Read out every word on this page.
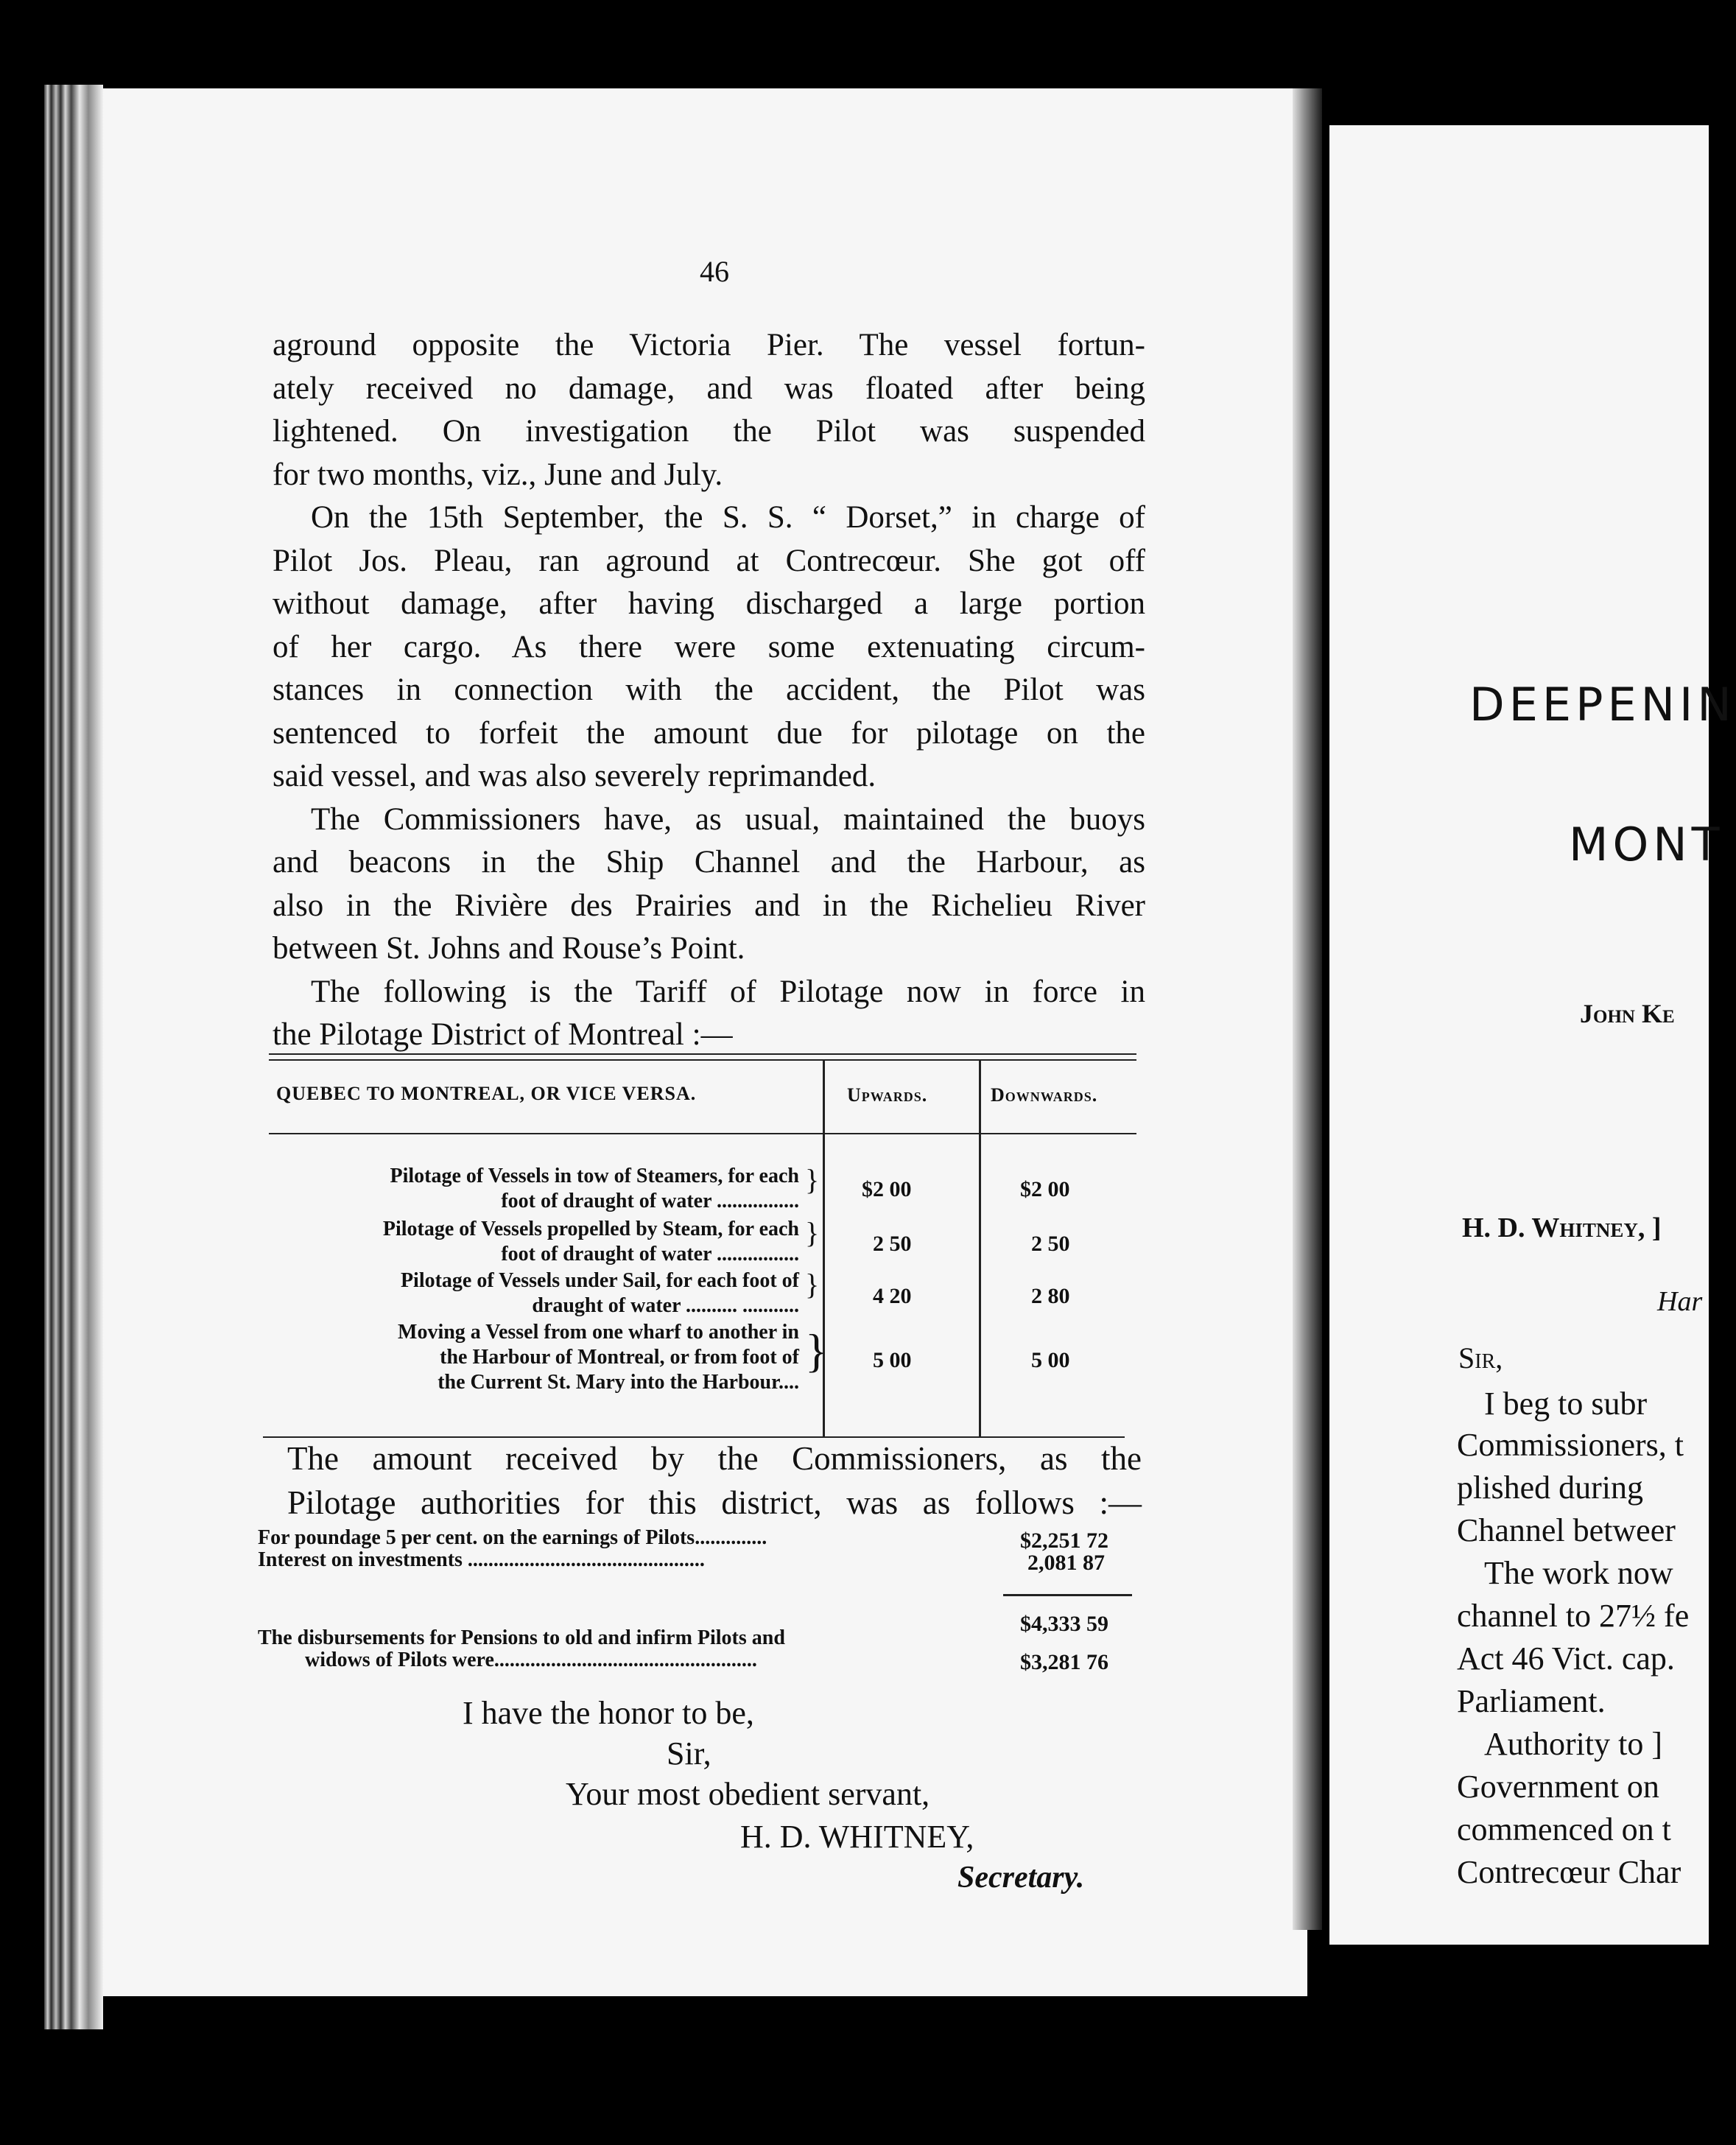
46

aground opposite the Victoria Pier. The vessel fortun-

ately received no damage, and was floated after being

lightened. On investigation the Pilot was suspended

for two months, viz., June and July.

On the 15th September, the S. S. “ Dorset,” in charge of

Pilot Jos. Pleau, ran aground at Contrecœur. She got off

without damage, after having discharged a large portion

of her cargo. As there were some extenuating circum-

stances in connection with the accident, the Pilot was

sentenced to forfeit the amount due for pilotage on the

said vessel, and was also severely reprimanded.

The Commissioners have, as usual, maintained the buoys

and beacons in the Ship Channel and the Harbour, as

also in the Rivière des Prairies and in the Richelieu River

between St. Johns and Rouse’s Point.

The following is the Tariff of Pilotage now in force in

the Pilotage District of Montreal :—

QUEBEC TO MONTREAL, OR VICE VERSA.	Upwards.	Downwards.
Pilotage of Vessels in tow of Steamers, for each
foot of draught of water ................
} $2 00	$2 00
Pilotage of Vessels propelled by Steam, for each
foot of draught of water ................
} 2 50	2 50
Pilotage of Vessels under Sail, for each foot of
draught of water .......... ...........
} 4 20	2 80
Moving a Vessel from one wharf to another in
the Harbour of Montreal, or from foot of
the Current St. Mary into the Harbour....
} 5 00	5 00

The amount received by the Commissioners, as the

Pilotage authorities for this district, was as follows :—

For poundage 5 per cent. on the earnings of Pilots..............	$2,251 72
Interest on investments ..............................................	2,081 87
$4,333 59
The disbursements for Pensions to old and infirm Pilots and
widows of Pilots were...................................................	$3,281 76
I have the honor to be,
Sir,
Your most obedient servant,
H. D. WHITNEY,
Secretary.
DEEPENIN
MONT
John Ke
H. D. Whitney, ]
Har
Sir,
I beg to subr
Commissioners, t
plished during
Channel betweer
The work now
channel to 27½ fe
Act 46 Vict. cap.
Parliament.
Authority to ]
Government on
commenced on t
Contrecœur Char
